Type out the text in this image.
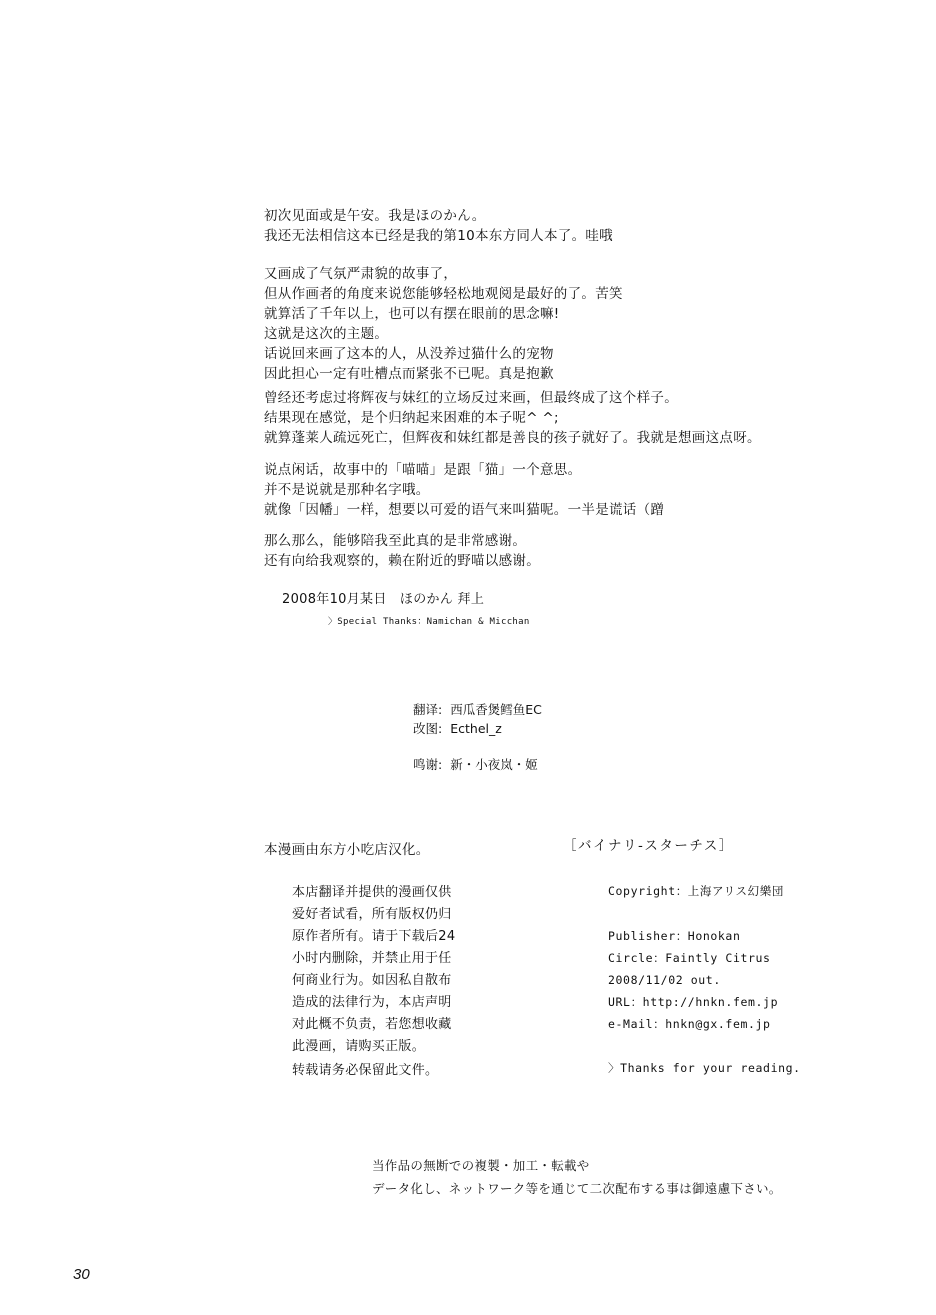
初次见面或是午安。我是ほのかん。
我还无法相信这本已经是我的第10本东方同人本了。哇哦
又画成了气氛严肃貌的故事了，
但从作画者的角度来说您能够轻松地观阅是最好的了。苦笑
就算活了千年以上，也可以有摆在眼前的思念嘛!
这就是这次的主题。
话说回来画了这本的人，从没养过猫什么的宠物
因此担心一定有吐槽点而紧张不已呢。真是抱歉
曾经还考虑过将辉夜与妹红的立场反过来画，但最终成了这个样子。
结果现在感觉，是个归纳起来困难的本子呢^ ^;
就算蓬莱人疏远死亡，但辉夜和妹红都是善良的孩子就好了。我就是想画这点呀。
说点闲话，故事中的「喵喵」是跟「猫」一个意思。
并不是说就是那种名字哦。
就像「因幡」一样，想要以可爱的语气来叫猫呢。一半是谎话（蹭
那么那么，能够陪我至此真的是非常感谢。
还有向给我观察的，赖在附近的野喵以感谢。
2008年10月某日　ほのかん 拜上
〉Special Thanks：Namichan & Micchan
翻译: 西瓜香煲鳕鱼EC
改图: Ecthel_z
鸣谢: 新・小夜岚・姬
本漫画由东方小吃店汉化。
本店翻译并提供的漫画仅供
爱好者试看，所有版权仍归
原作者所有。请于下载后24
小时内删除，并禁止用于任
何商业行为。如因私自散布
造成的法律行为，本店声明
对此概不负责，若您想收藏
此漫画，请购买正版。
转载请务必保留此文件。
［バイナリ-スターチス］
Copyright：上海アリス幻樂団
Publisher：Honokan
Circle：Faintly Citrus
2008/11/02 out.
URL：http://hnkn.fem.jp
e-Mail：hnkn@gx.fem.jp
〉Thanks for your reading.
当作品の無断での複製・加工・転載や
データ化し、ネットワーク等を通じて二次配布する事は御遠慮下さい。
30
